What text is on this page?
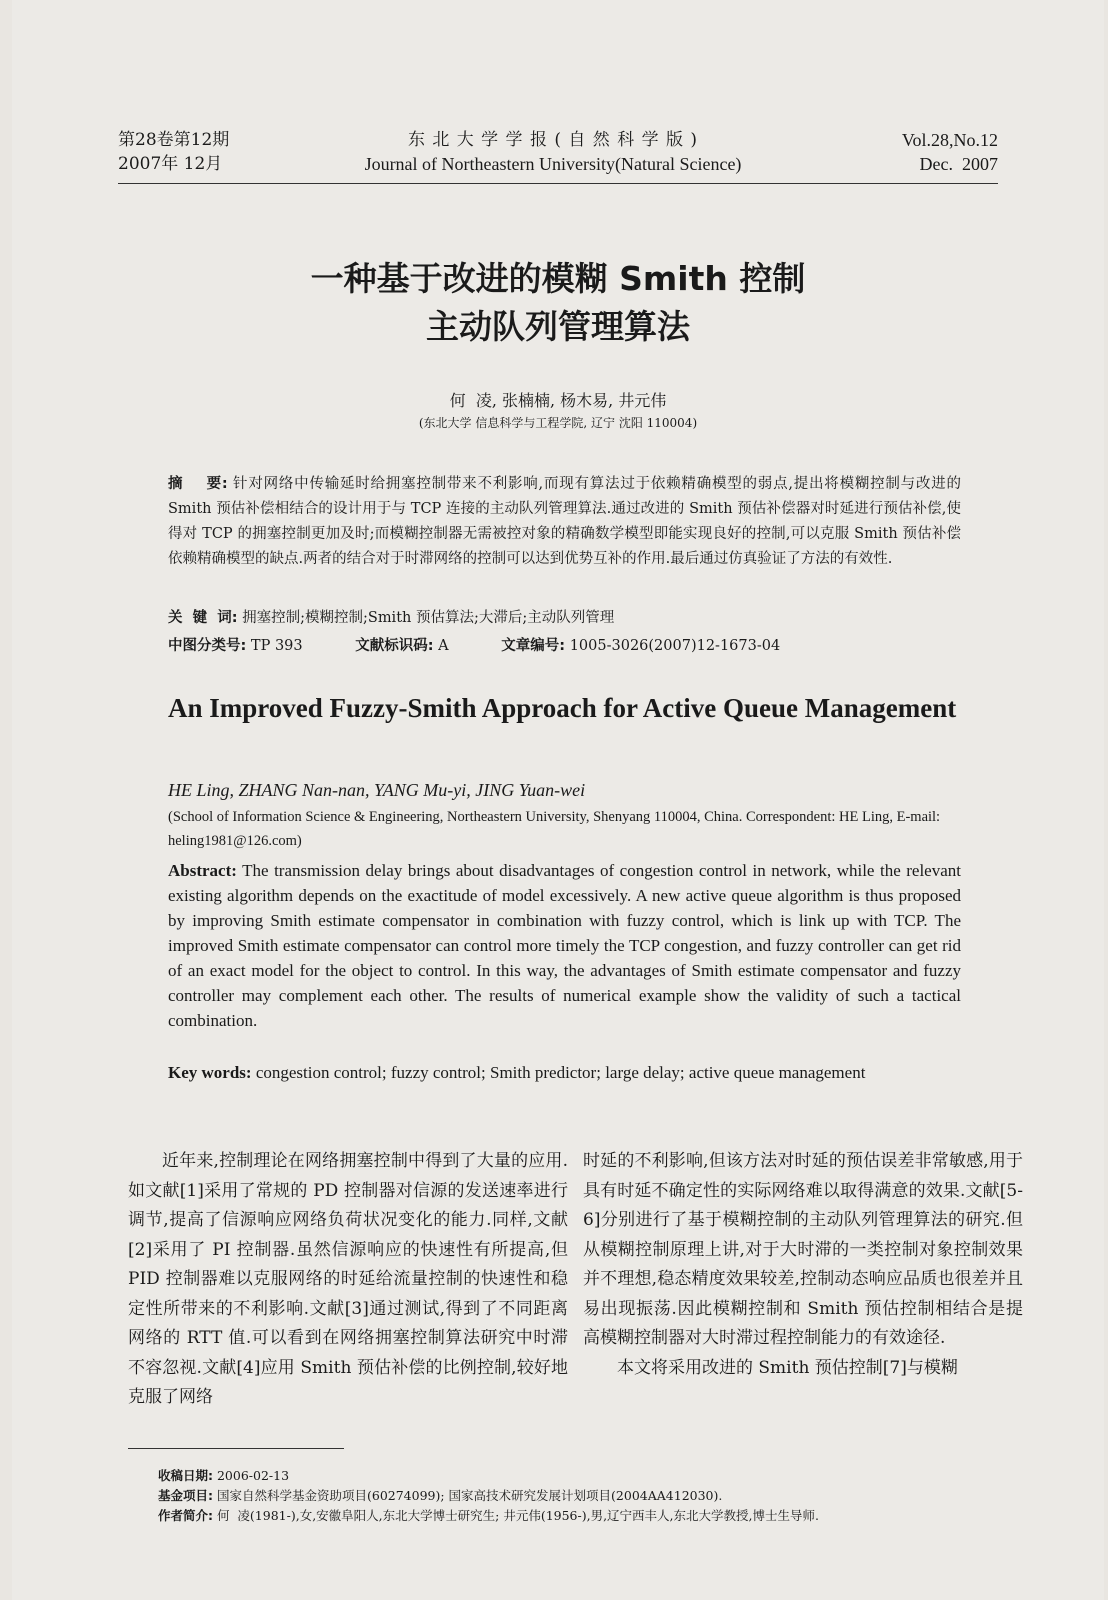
第28卷第12期
2007年 12月
东 北 大 学 学 报 ( 自 然 科 学 版 )
Journal of Northeastern University(Natural Science)
Vol.28,No.12
Dec.  2007
一种基于改进的模糊 Smith 控制
主动队列管理算法
何  凌, 张楠楠, 杨木易, 井元伟
(东北大学 信息科学与工程学院, 辽宁 沈阳 110004)
摘    要: 针对网络中传输延时给拥塞控制带来不利影响,而现有算法过于依赖精确模型的弱点,提出将模糊控制与改进的 Smith 预估补偿相结合的设计用于与 TCP 连接的主动队列管理算法.通过改进的 Smith 预估补偿器对时延进行预估补偿,使得对 TCP 的拥塞控制更加及时;而模糊控制器无需被控对象的精确数学模型即能实现良好的控制,可以克服 Smith 预估补偿依赖精确模型的缺点.两者的结合对于时滞网络的控制可以达到优势互补的作用.最后通过仿真验证了方法的有效性.
关  键  词: 拥塞控制;模糊控制;Smith 预估算法;大滞后;主动队列管理
中图分类号: TP 393	文献标识码: A	文章编号: 1005-3026(2007)12-1673-04
An Improved Fuzzy-Smith Approach for Active Queue Management
HE Ling, ZHANG Nan-nan, YANG Mu-yi, JING Yuan-wei
(School of Information Science & Engineering, Northeastern University, Shenyang 110004, China. Correspondent: HE Ling, E-mail: heling1981@126.com)
Abstract: The transmission delay brings about disadvantages of congestion control in network, while the relevant existing algorithm depends on the exactitude of model excessively. A new active queue algorithm is thus proposed by improving Smith estimate compensator in combination with fuzzy control, which is link up with TCP. The improved Smith estimate compensator can control more timely the TCP congestion, and fuzzy controller can get rid of an exact model for the object to control. In this way, the advantages of Smith estimate compensator and fuzzy controller may complement each other. The results of numerical example show the validity of such a tactical combination.
Key words: congestion control; fuzzy control; Smith predictor; large delay; active queue management
近年来,控制理论在网络拥塞控制中得到了大量的应用.如文献[1]采用了常规的 PD 控制器对信源的发送速率进行调节,提高了信源响应网络负荷状况变化的能力.同样,文献[2]采用了 PI 控制器.虽然信源响应的快速性有所提高,但 PID 控制器难以克服网络的时延给流量控制的快速性和稳定性所带来的不利影响.文献[3]通过测试,得到了不同距离网络的 RTT 值.可以看到在网络拥塞控制算法研究中时滞不容忽视.文献[4]应用 Smith 预估补偿的比例控制,较好地克服了网络
时延的不利影响,但该方法对时延的预估误差非常敏感,用于具有时延不确定性的实际网络难以取得满意的效果.文献[5-6]分别进行了基于模糊控制的主动队列管理算法的研究.但从模糊控制原理上讲,对于大时滞的一类控制对象控制效果并不理想,稳态精度效果较差,控制动态响应品质也很差并且易出现振荡.因此模糊控制和 Smith 预估控制相结合是提高模糊控制器对大时滞过程控制能力的有效途径.
本文将采用改进的 Smith 预估控制[7]与模糊
收稿日期: 2006-02-13
基金项目: 国家自然科学基金资助项目(60274099); 国家高技术研究发展计划项目(2004AA412030).
作者简介: 何  凌(1981-),女,安徽阜阳人,东北大学博士研究生; 井元伟(1956-),男,辽宁西丰人,东北大学教授,博士生导师.
